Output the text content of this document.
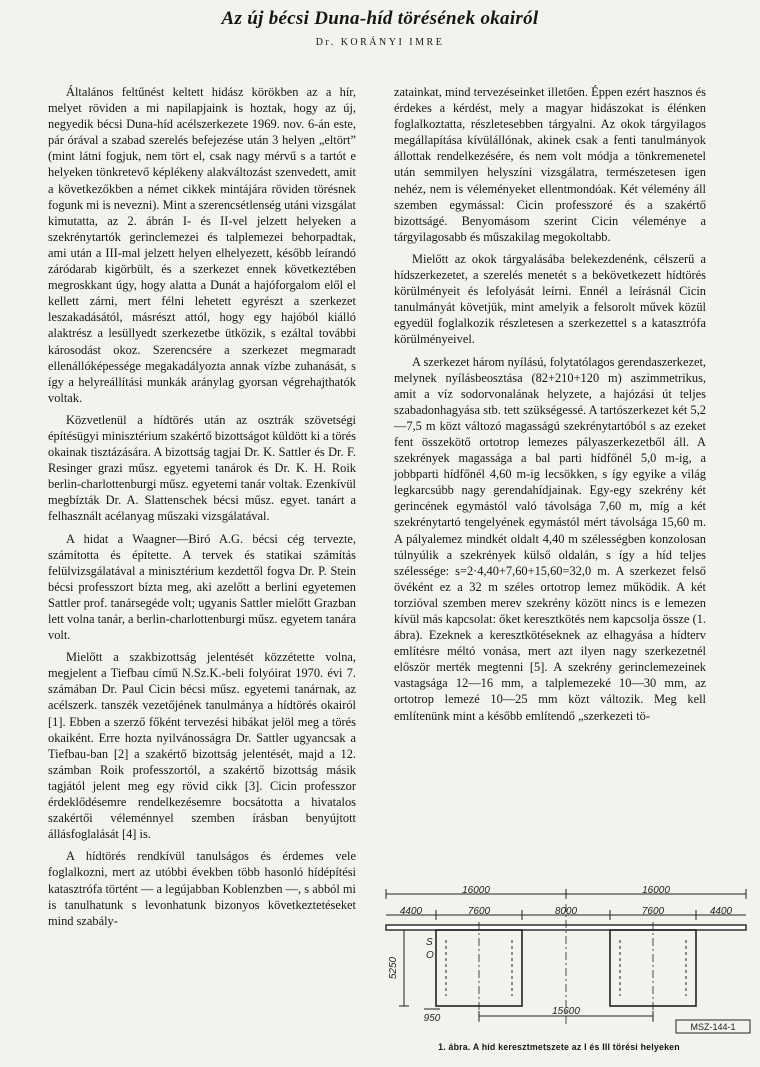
Az új bécsi Duna-híd törésének okairól
Dr. KORÁNYI IMRE

Általános feltűnést keltett hidász körökben az a hír, melyet röviden a mi napilapjaink is hoztak, hogy az új, negyedik bécsi Duna-híd acélszerkezete 1969. nov. 6-án este, pár órával a szabad szerelés befejezése után 3 helyen „eltört” (mint látni fogjuk, nem tört el, csak nagy mérvű s a tartót e helyeken tönkretevő képlékeny alakváltozást szenvedett, amit a következőkben a német cikkek mintájára röviden törésnek fogunk mi is nevezni). Mint a szerencsétlenség utáni vizsgálat kimutatta, az 2. ábrán I- és II-vel jelzett helyeken a szekrénytartók gerinclemezei és talplemezei behorpadtak, ami után a III-mal jelzett helyen elhelyezett, később leírandó záródarab kigörbült, és a szerkezet ennek következtében megroskkant úgy, hogy alatta a Dunát a hajóforgalom elől el kellett zárni, mert félni lehetett egyrészt a szerkezet leszakadásától, másrészt attól, hogy egy hajóból kiálló alaktrész a lesüllyedt szerkezetbe ütközik, s ezáltal további károsodást okoz. Szerencsére a szerkezet megmaradt ellenállóképessége megakadályozta annak vízbe zuhanását, s így a helyreállítási munkák aránylag gyorsan végrehajthatók voltak.

Közvetlenül a hídtörés után az osztrák szövetségi építésügyi minisztérium szakértő bizottságot küldött ki a törés okainak tisztázására. A bizottság tagjai Dr. K. Sattler és Dr. F. Resinger grazi műsz. egyetemi tanárok és Dr. K. H. Roik berlin-charlottenburgi műsz. egyetemi tanár voltak. Ezenkívül megbízták Dr. A. Slattenschek bécsi műsz. egyet. tanárt a felhasznált acélanyag műszaki vizsgálatával.

A hidat a Waagner—Biró A.G. bécsi cég tervezte, számította és építette. A tervek és statikai számítás felülvizsgálatával a minisztérium kezdettől fogva Dr. P. Stein bécsi professzort bízta meg, aki azelőtt a berlini egyetemen Sattler prof. tanársegéde volt; ugyanis Sattler mielőtt Grazban lett volna tanár, a berlin-charlottenburgi műsz. egyetem tanára volt.

Mielőtt a szakbizottság jelentését közzétette volna, megjelent a Tiefbau című N.Sz.K.-beli folyóirat 1970. évi 7. számában Dr. Paul Cicin bécsi műsz. egyetemi tanárnak, az acélszerk. tanszék vezetőjének tanulmánya a hídtörés okairól [1]. Ebben a szerző főként tervezési hibákat jelöl meg a törés okaiként. Erre hozta nyilvánosságra Dr. Sattler ugyancsak a Tiefbau-ban [2] a szakértő bizottság jelentését, majd a 12. számban Roik professzortól, a szakértő bizottság másik tagjától jelent meg egy rövid cikk [3]. Cicin professzor érdeklődésemre rendelkezésemre bocsátotta a hivatalos szakértői véleménnyel szemben írásban benyújtott állásfoglalását [4] is.

A hídtörés rendkívül tanulságos és érdemes vele foglalkozni, mert az utóbbi években több hasonló hídépítési katasztrófa történt — a legújabban Koblenzben —, s abból mi is tanulhatunk s levonhatunk bizonyos következtetéseket mind szabály-

zatainkat, mind tervezéseinket illetően. Éppen ezért hasznos és érdekes a kérdést, mely a magyar hidászokat is élénken foglalkoztatta, részletesebben tárgyalni. Az okok tárgyilagos megállapítása kívülállónak, akinek csak a fenti tanulmányok állottak rendelkezésére, és nem volt módja a tönkremenetel után semmilyen helyszíni vizsgálatra, természetesen igen nehéz, nem is véleményeket ellentmondóak. Két vélemény áll szemben egymással: Cicin professzoré és a szakértő bizottságé. Benyomásom szerint Cicin véleménye a tárgyilagosabb és műszakilag megokoltabb.

Mielőtt az okok tárgyalásába belekezdenénk, célszerű a hídszerkezetet, a szerelés menetét s a bekövetkezett hídtörés körülményeit és lefolyását leírni. Ennél a leírásnál Cicin tanulmányát követjük, mint amelyik a felsorolt művek közül egyedül foglalkozik részletesen a szerkezettel s a katasztrófa körülményeivel.

A szerkezet három nyílású, folytatólagos gerendaszerkezet, melynek nyílásbeosztása (82+210+120 m) aszimmetrikus, amit a víz sodorvonalának helyzete, a hajózási út teljes szabadonhagyása stb. tett szükségessé. A tartószerkezet két 5,2—7,5 m közt változó magasságú szekrénytartóból s az ezeket fent összekötő ortotrop lemezes pályaszerkezetből áll. A szekrények magassága a bal parti hídfőnél 5,0 m-ig, a jobbparti hídfőnél 4,60 m-ig lecsökken, s így egyike a világ legkarcsúbb nagy gerendahídjainak. Egy-egy szekrény két gerincének egymástól való távolsága 7,60 m, míg a két szekrénytartó tengelyének egymástól mért távolsága 15,60 m. A pályalemez mindkét oldalt 4,40 m szélességben konzolosan túlnyúlik a szekrények külső oldalán, s így a híd teljes szélessége: s=2·4,40+7,60+15,60=32,0 m. A szerkezet felső övéként ez a 32 m széles ortotrop lemez működik. A két torzióval szemben merev szekrény között nincs is e lemezen kívül más kapcsolat: őket keresztkötés nem kapcsolja össze (1. ábra). Ezeknek a keresztkötéseknek az elhagyása a hídterv említésre méltó vonása, mert azt ilyen nagy szerkezetnél először merték megtenni [5]. A szekrény gerinclemezeinek vastagsága 12—16 mm, a talplemezeké 10—30 mm, az ortotrop lemezé 10—25 mm közt változik. Meg kell említenünk mint a később említendő „szerkezeti tö-

16000	16000
4400	7600	8000	7600	4400
15600
950
5250
S
O
MSZ-144-1
1. ábra. A híd keresztmetszete az I és III törési helyeken
